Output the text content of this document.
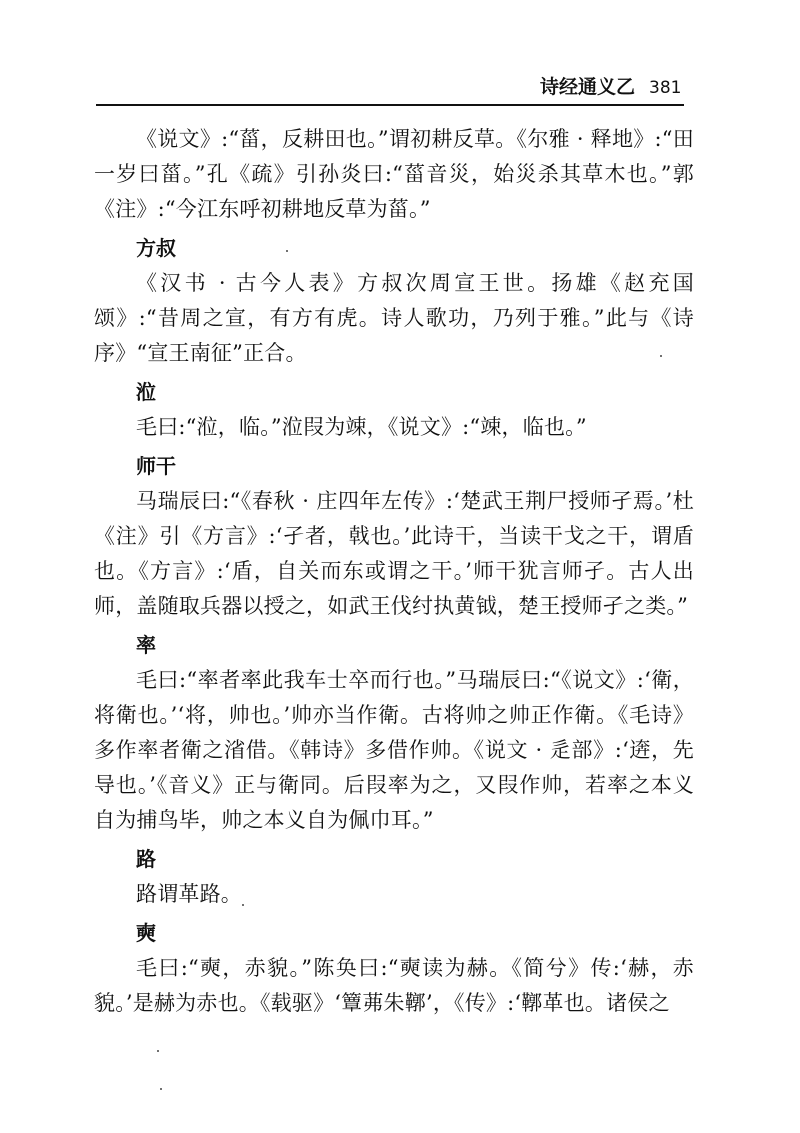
诗经通义乙 381

《说文》:“菑，反耕田也。”谓初耕反草。《尔雅 · 释地》:“田一岁曰菑。”孔《疏》引孙炎曰:“菑音災，始災杀其草木也。”郭《注》:“今江东呼初耕地反草为菑。”

方叔

《汉书 · 古今人表》方叔次周宣王世。扬雄《赵充国颂》:“昔周之宣，有方有虎。诗人歌功，乃列于雅。”此与《诗序》“宣王南征”正合。

涖

毛曰:“涖，临。”涖叚为竦，《说文》:“竦，临也。”

师干

马瑞辰曰:“《春秋 · 庄四年左传》:‘楚武王荆尸授师孑焉。’杜《注》引《方言》:‘孑者，戟也。’此诗干，当读干戈之干，谓盾也。《方言》:‘盾，自关而东或谓之干。’师干犹言师孑。古人出师，盖随取兵器以授之，如武王伐纣执黄钺，楚王授师孑之类。”

率

毛曰:“率者率此我车士卒而行也。”马瑞辰曰:“《说文》:‘衛，将衛也。’‘将，帅也。’帅亦当作衛。古将帅之帅正作衛。《毛诗》多作率者衛之渻借。《韩诗》多借作帅。《说文 · 辵部》:‘逩，先导也。’《音义》正与衛同。后叚率为之，又叚作帅，若率之本义自为捕鸟毕，帅之本义自为佩巾耳。”

路

路谓革路。

奭

毛曰:“奭，赤貌。”陈奂曰:“奭读为赫。《简兮》传:‘赫，赤貌。’是赫为赤也。《载驱》‘簟茀朱鞹’，《传》:‘鞹革也。诸侯之
